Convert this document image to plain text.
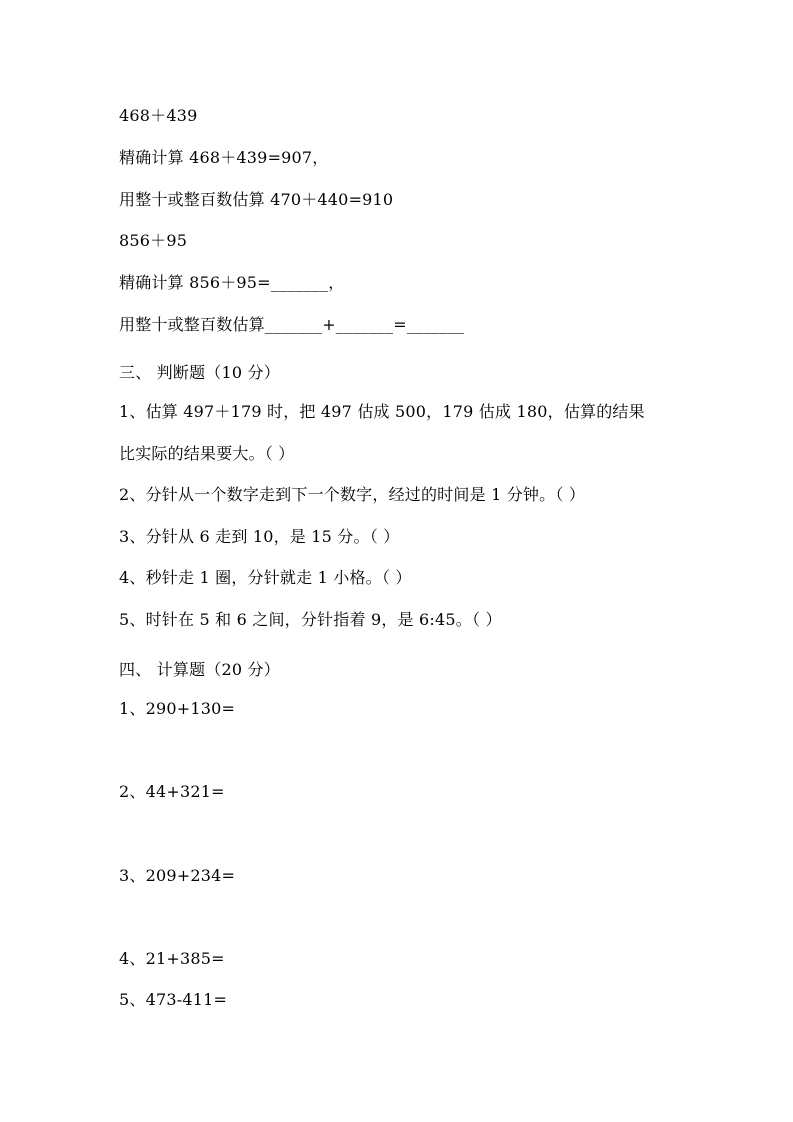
468＋439
精确计算 468＋439=907，
用整十或整百数估算 470＋440=910
856＋95
精确计算 856＋95=_______，
用整十或整百数估算_______+_______=_______
三、 判断题（10 分）
1、估算 497＋179 时，把 497 估成 500，179 估成 180，估算的结果
比实际的结果要大。（ ）
2、分针从一个数字走到下一个数字，经过的时间是 1 分钟。（ ）
3、分针从 6 走到 10，是 15 分。（ ）
4、秒针走 1 圈，分针就走 1 小格。（ ）
5、时针在 5 和 6 之间，分针指着 9，是 6:45。（ ）
四、 计算题（20 分）
1、290+130=
2、44+321=
3、209+234=
4、21+385=
5、473-411=
